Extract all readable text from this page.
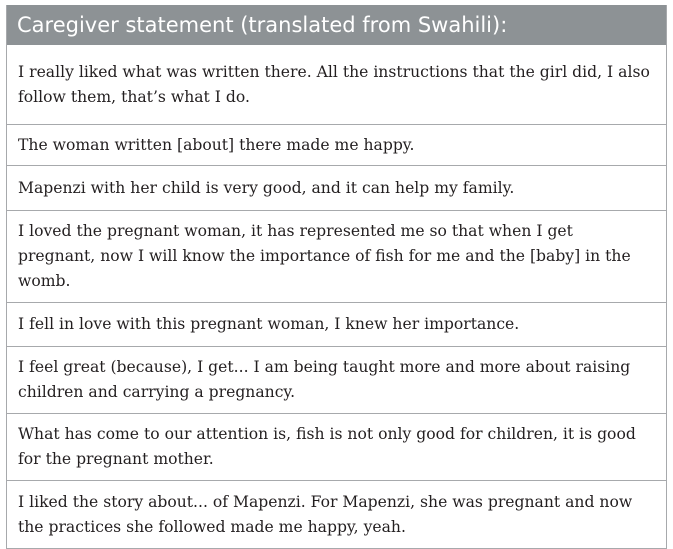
Caregiver statement (translated from Swahili):
I really liked what was written there. All the instructions that the girl did, I also follow them, that’s what I do.
The woman written [about] there made me happy.
Mapenzi with her child is very good, and it can help my family.
I loved the pregnant woman, it has represented me so that when I get pregnant, now I will know the importance of fish for me and the [baby] in the womb.
I fell in love with this pregnant woman, I knew her importance.
I feel great (because), I get... I am being taught more and more about raising children and carrying a pregnancy.
What has come to our attention is, fish is not only good for children, it is good for the pregnant mother.
I liked the story about... of Mapenzi. For Mapenzi, she was pregnant and now the practices she followed made me happy, yeah.
